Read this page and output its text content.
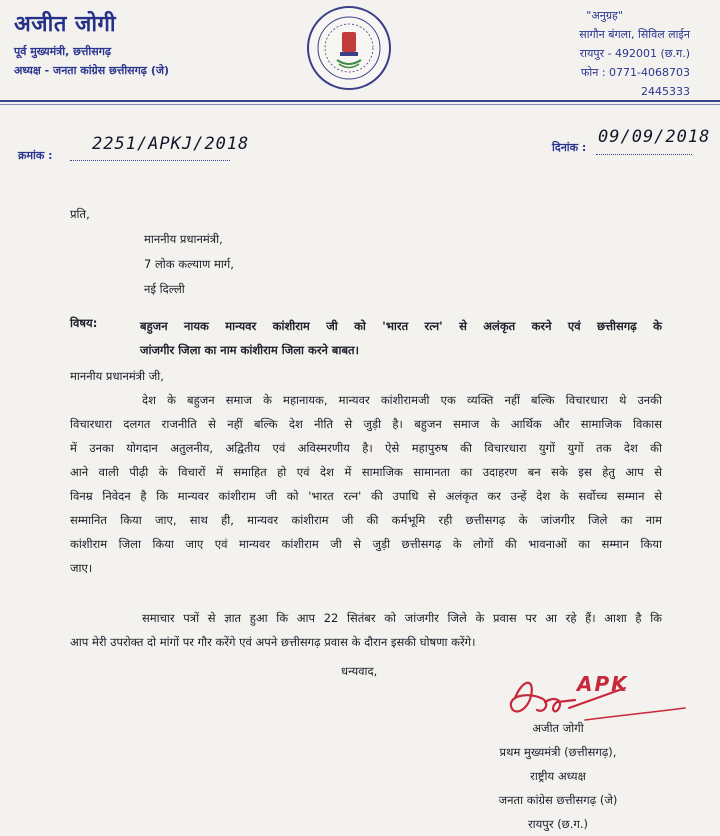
अजीत जोगी
पूर्व मुख्यमंत्री, छत्तीसगढ़
अध्यक्ष - जनता कांग्रेस छत्तीसगढ़ (जे)
"अनुग्रह"
सागौन बंगला, सिविल लाईन
रायपुर - 492001 (छ.ग.)
फोन : 0771-4068703
2445333
क्रमांक :
2251/APKJ/2018	दिनांक :
09/09/2018
प्रति,
माननीय प्रधानमंत्री,
7 लोक कल्याण मार्ग,
नई दिल्ली
विषय:	बहुजन नायक मान्यवर कांशीराम जी को 'भारत रत्न' से अलंकृत करने एवं छत्तीसगढ़ के
जांजगीर जिला का नाम कांशीराम जिला करने बाबत।
माननीय प्रधानमंत्री जी,
देश के बहुजन समाज के महानायक, मान्यवर कांशीरामजी एक व्यक्ति नहीं बल्कि विचारधारा थे उनकी
विचारधारा दलगत राजनीति से नहीं बल्कि देश नीति से जुड़ी है। बहुजन समाज के आर्थिक और सामाजिक विकास
में उनका योगदान अतुलनीय, अद्वितीय एवं अविस्मरणीय है। ऐसे महापुरुष की विचारधारा युगों युगों तक देश की
आने वाली पीढ़ी के विचारों में समाहित हो एवं देश में सामाजिक सामानता का उदाहरण बन सके इस हेतु आप से
विनम्र निवेदन है कि मान्यवर कांशीराम जी को 'भारत रत्न' की उपाधि से अलंकृत कर उन्हें देश के सर्वोच्च सम्मान से
सम्मानित किया जाए, साथ ही, मान्यवर कांशीराम जी की कर्मभूमि रही छत्तीसगढ़ के जांजगीर जिले का नाम
कांशीराम जिला किया जाए एवं मान्यवर कांशीराम जी से जुड़ी छत्तीसगढ़ के लोगों की भावनाओं का सम्मान किया
जाए।
समाचार पत्रों से ज्ञात हुआ कि आप 22 सितंबर को जांजगीर जिले के प्रवास पर आ रहे हैं। आशा है कि
आप मेरी उपरोक्त दो मांगों पर गौर करेंगे एवं अपने छत्तीसगढ़ प्रवास के दौरान इसकी घोषणा करेंगे।
धन्यवाद,
APK
अजीत जोगी
प्रथम मुख्यमंत्री (छत्तीसगढ़),
राष्ट्रीय अध्यक्ष
जनता कांग्रेस छत्तीसगढ़ (जे)
रायपुर (छ.ग.)
